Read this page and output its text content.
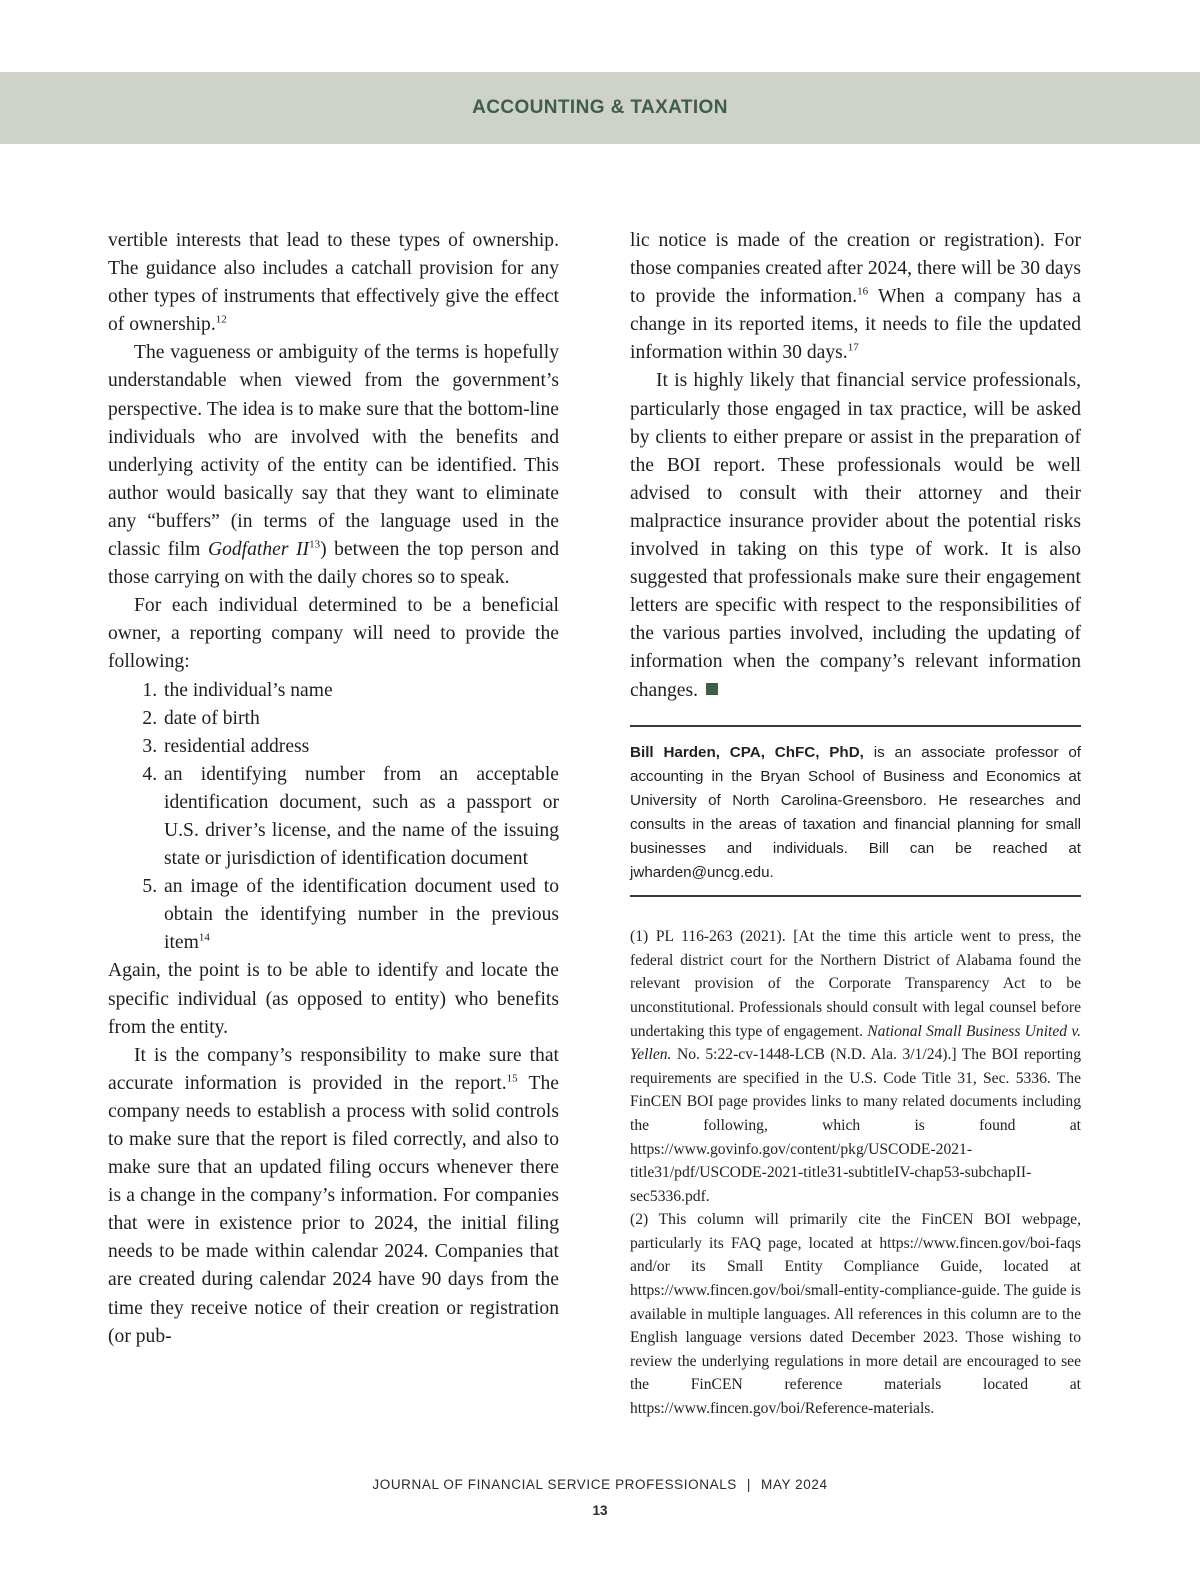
ACCOUNTING & TAXATION

vertible interests that lead to these types of ownership. The guidance also includes a catchall provision for any other types of instruments that effectively give the effect of ownership.$^{12}$

The vagueness or ambiguity of the terms is hopefully understandable when viewed from the government’s perspective. The idea is to make sure that the bottom-line individuals who are involved with the benefits and underlying activity of the entity can be identified. This author would basically say that they want to eliminate any “buffers” (in terms of the language used in the classic film Godfather II$^{13}$) between the top person and those carrying on with the daily chores so to speak.

For each individual determined to be a beneficial owner, a reporting company will need to provide the following:

1. the individual’s name
2. date of birth
3. residential address
4. an identifying number from an acceptable identification document, such as a passport or U.S. driver’s license, and the name of the issuing state or jurisdiction of identification document
5. an image of the identification document used to obtain the identifying number in the previous item$^{14}$

Again, the point is to be able to identify and locate the specific individual (as opposed to entity) who benefits from the entity.

It is the company’s responsibility to make sure that accurate information is provided in the report.$^{15}$ The company needs to establish a process with solid controls to make sure that the report is filed correctly, and also to make sure that an updated filing occurs whenever there is a change in the company’s information. For companies that were in existence prior to 2024, the initial filing needs to be made within calendar 2024. Companies that are created during calendar 2024 have 90 days from the time they receive notice of their creation or registration (or pub-

lic notice is made of the creation or registration). For those companies created after 2024, there will be 30 days to provide the information.$^{16}$ When a company has a change in its reported items, it needs to file the updated information within 30 days.$^{17}$

It is highly likely that financial service professionals, particularly those engaged in tax practice, will be asked by clients to either prepare or assist in the preparation of the BOI report. These professionals would be well advised to consult with their attorney and their malpractice insurance provider about the potential risks involved in taking on this type of work. It is also suggested that professionals make sure their engagement letters are specific with respect to the responsibilities of the various parties involved, including the updating of information when the company’s relevant information changes.

Bill Harden, CPA, ChFC, PhD, is an associate professor of accounting in the Bryan School of Business and Economics at University of North Carolina-Greensboro. He researches and consults in the areas of taxation and financial planning for small businesses and individuals. Bill can be reached at jwharden@uncg.edu.

(1) PL 116-263 (2021). [At the time this article went to press, the federal district court for the Northern District of Alabama found the relevant provision of the Corporate Transparency Act to be unconstitutional. Professionals should consult with legal counsel before undertaking this type of engagement. National Small Business United v. Yellen. No. 5:22-cv-1448-LCB (N.D. Ala. 3/1/24).] The BOI reporting requirements are specified in the U.S. Code Title 31, Sec. 5336. The FinCEN BOI page provides links to many related documents including the following, which is found at https://www.govinfo.gov/content/pkg/USCODE-2021-title31/pdf/USCODE-2021-title31-subtitleIV-chap53-subchapII-sec5336.pdf.

(2) This column will primarily cite the FinCEN BOI webpage, particularly its FAQ page, located at https://www.fincen.gov/boi-faqs and/or its Small Entity Compliance Guide, located at https://www.fincen.gov/boi/small-entity-compliance-guide. The guide is available in multiple languages. All references in this column are to the English language versions dated December 2023. Those wishing to review the underlying regulations in more detail are encouraged to see the FinCEN reference materials located at https://www.fincen.gov/boi/Reference-materials.

JOURNAL OF FINANCIAL SERVICE PROFESSIONALS | MAY 2024
13
